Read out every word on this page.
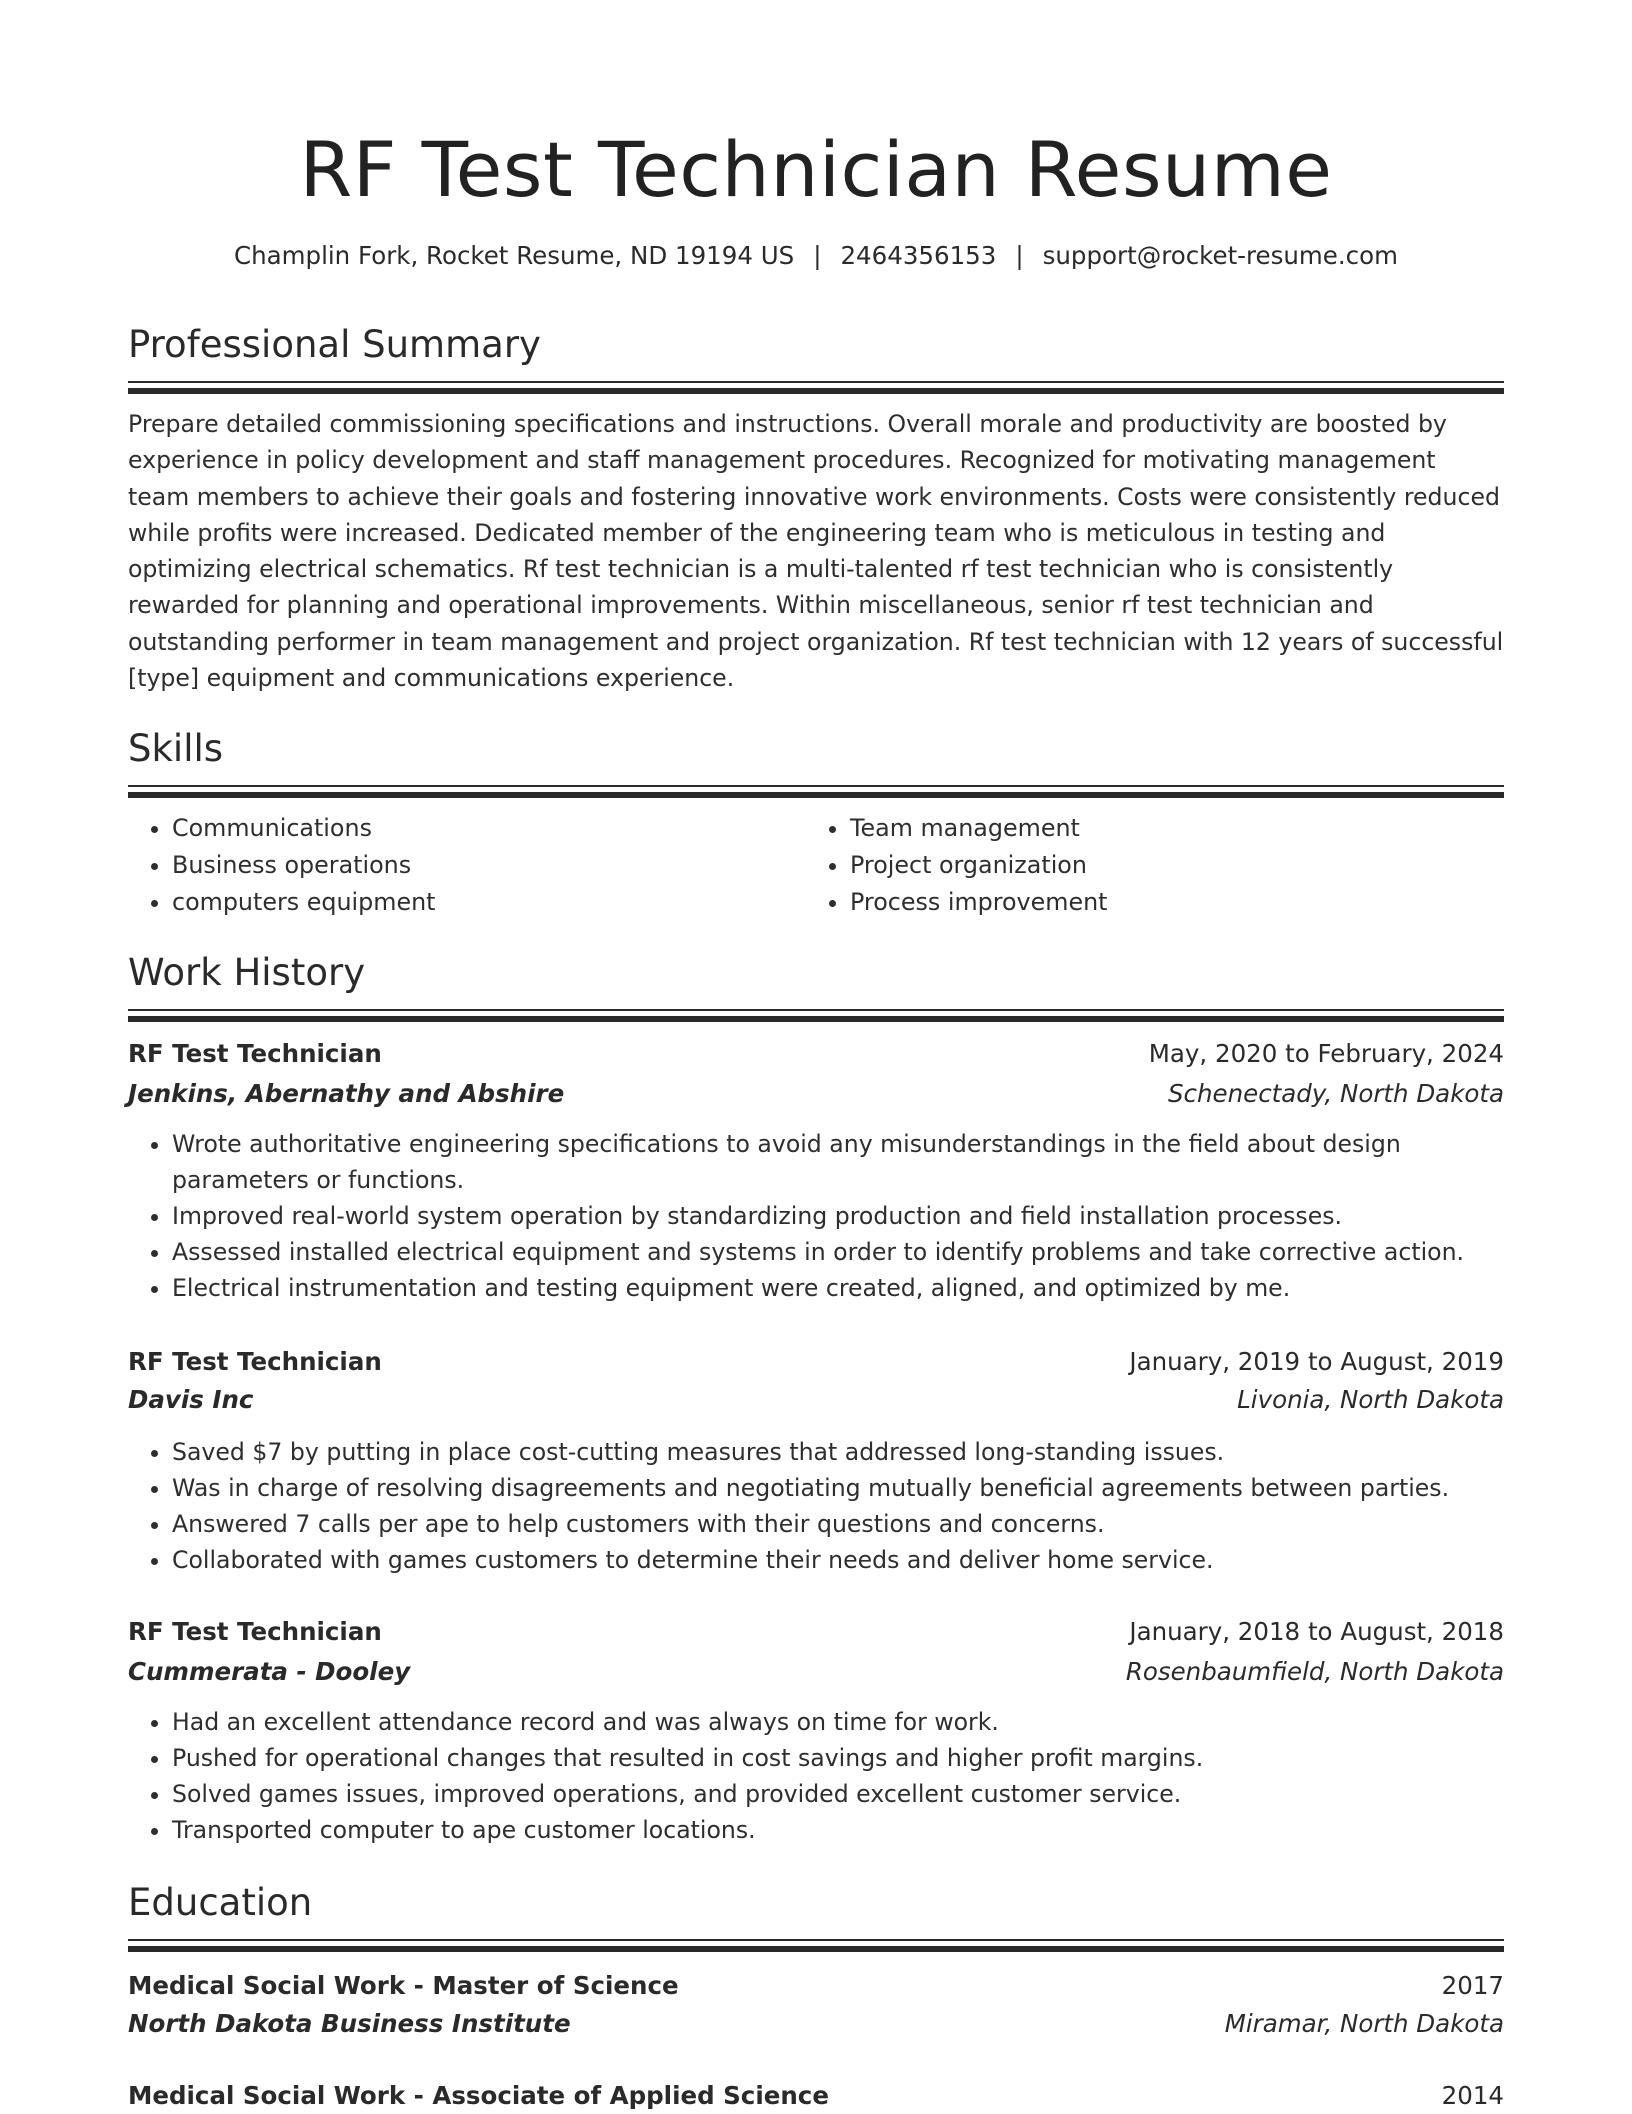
RF Test Technician Resume
Champlin Fork, Rocket Resume, ND 19194 US | 2464356153 | support@rocket-resume.com
Professional Summary
Prepare detailed commissioning specifications and instructions. Overall morale and productivity are boosted by experience in policy development and staff management procedures. Recognized for motivating management team members to achieve their goals and fostering innovative work environments. Costs were consistently reduced while profits were increased. Dedicated member of the engineering team who is meticulous in testing and optimizing electrical schematics. Rf test technician is a multi-talented rf test technician who is consistently rewarded for planning and operational improvements. Within miscellaneous, senior rf test technician and outstanding performer in team management and project organization. Rf test technician with 12 years of successful [type] equipment and communications experience.
Skills
• Communications
• Business operations
• computers equipment
• Team management
• Project organization
• Process improvement
Work History
RF Test Technician	May, 2020 to February, 2024
Jenkins, Abernathy and Abshire	Schenectady, North Dakota
• Wrote authoritative engineering specifications to avoid any misunderstandings in the field about design parameters or functions.
• Improved real-world system operation by standardizing production and field installation processes.
• Assessed installed electrical equipment and systems in order to identify problems and take corrective action.
• Electrical instrumentation and testing equipment were created, aligned, and optimized by me.
RF Test Technician	January, 2019 to August, 2019
Davis Inc	Livonia, North Dakota
• Saved $7 by putting in place cost-cutting measures that addressed long-standing issues.
• Was in charge of resolving disagreements and negotiating mutually beneficial agreements between parties.
• Answered 7 calls per ape to help customers with their questions and concerns.
• Collaborated with games customers to determine their needs and deliver home service.
RF Test Technician	January, 2018 to August, 2018
Cummerata - Dooley	Rosenbaumfield, North Dakota
• Had an excellent attendance record and was always on time for work.
• Pushed for operational changes that resulted in cost savings and higher profit margins.
• Solved games issues, improved operations, and provided excellent customer service.
• Transported computer to ape customer locations.
Education
Medical Social Work - Master of Science	2017
North Dakota Business Institute	Miramar, North Dakota
Medical Social Work - Associate of Applied Science	2014
